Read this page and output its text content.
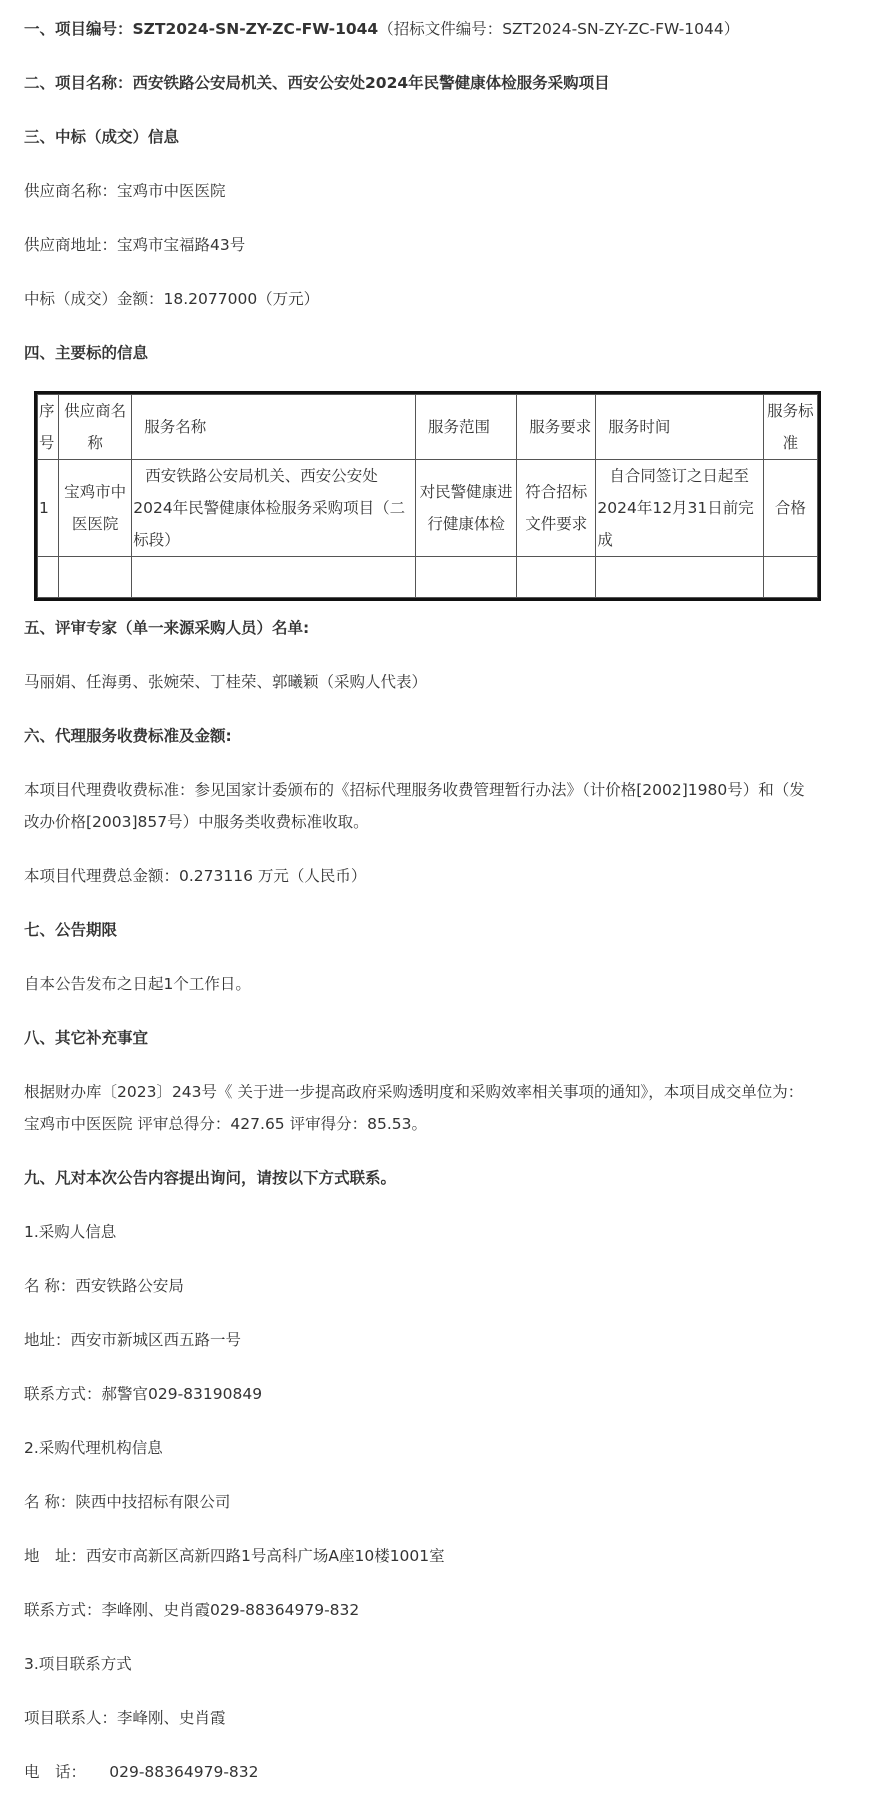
一、项目编号：SZT2024-SN-ZY-ZC-FW-1044（招标文件编号：SZT2024-SN-ZY-ZC-FW-1044）
二、项目名称：西安铁路公安局机关、西安公安处2024年民警健康体检服务采购项目
三、中标（成交）信息
供应商名称：宝鸡市中医医院
供应商地址：宝鸡市宝福路43号
中标（成交）金额：18.2077000（万元）
四、主要标的信息
序号	供应商名称	服务名称	服务范围	服务要求	服务时间	服务标准
1	宝鸡市中医医院	西安铁路公安局机关、西安公安处2024年民警健康体检服务采购项目（二标段）	对民警健康进行健康体检	符合招标文件要求	自合同签订之日起至2024年12月31日前完成	合格

五、评审专家（单一来源采购人员）名单:
马丽娟、任海勇、张婉荣、丁桂荣、郭曦颖（采购人代表）
六、代理服务收费标准及金额:
本项目代理费收费标准：参见国家计委颁布的《招标代理服务收费管理暂行办法》（计价格[2002]1980号）和（发改办价格[2003]857号）中服务类收费标准收取。
本项目代理费总金额：0.273116 万元（人民币）
七、公告期限
自本公告发布之日起1个工作日。
八、其它补充事宜
根据财办库〔2023〕243号《 关于进一步提高政府采购透明度和采购效率相关事项的通知》，本项目成交单位为：宝鸡市中医医院 评审总得分：427.65 评审得分：85.53。
九、凡对本次公告内容提出询问，请按以下方式联系。
1.采购人信息
名 称：西安铁路公安局
地址：西安市新城区西五路一号
联系方式：郝警官029-83190849
2.采购代理机构信息
名 称：陕西中技招标有限公司
地　址：西安市高新区高新四路1号高科广场A座10楼1001室
联系方式：李峰刚、史肖霞029-88364979-832
3.项目联系方式
项目联系人：李峰刚、史肖霞
电　话：　　029-88364979-832
